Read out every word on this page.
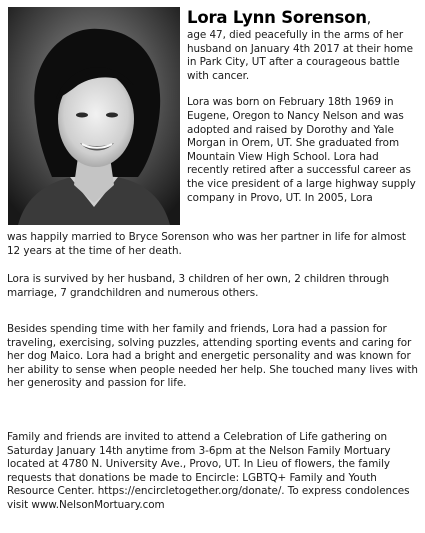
Lora Lynn Sorenson,
age 47, died peacefully in the arms of her husband on January 4th 2017 at their home in Park City, UT after a courageous battle with cancer.
Lora was born on February 18th 1969 in Eugene, Oregon to Nancy Nelson and was adopted and raised by Dorothy and Yale Morgan in Orem, UT. She graduated from Mountain View High School. Lora had recently retired after a successful career as the vice president of a large highway supply company in Provo, UT. In 2005, Lora
was happily married to Bryce Sorenson who was her partner in life for almost 12 years at the time of her death.
Lora is survived by her husband, 3 children of her own, 2 children through marriage, 7 grandchildren and numerous others.
Besides spending time with her family and friends, Lora had a passion for traveling, exercising, solving puzzles, attending sporting events and caring for her dog Maico. Lora had a bright and energetic personality and was known for her ability to sense when people needed her help. She touched many lives with her generosity and passion for life.
Family and friends are invited to attend a Celebration of Life gathering on Saturday January 14th anytime from 3-6pm at the Nelson Family Mortuary located at 4780 N. University Ave., Provo, UT. In Lieu of flowers, the family requests that donations be made to Encircle: LGBTQ+ Family and Youth Resource Center. https://encircletogether.org/donate/. To express condolences visit www.NelsonMortuary.com
